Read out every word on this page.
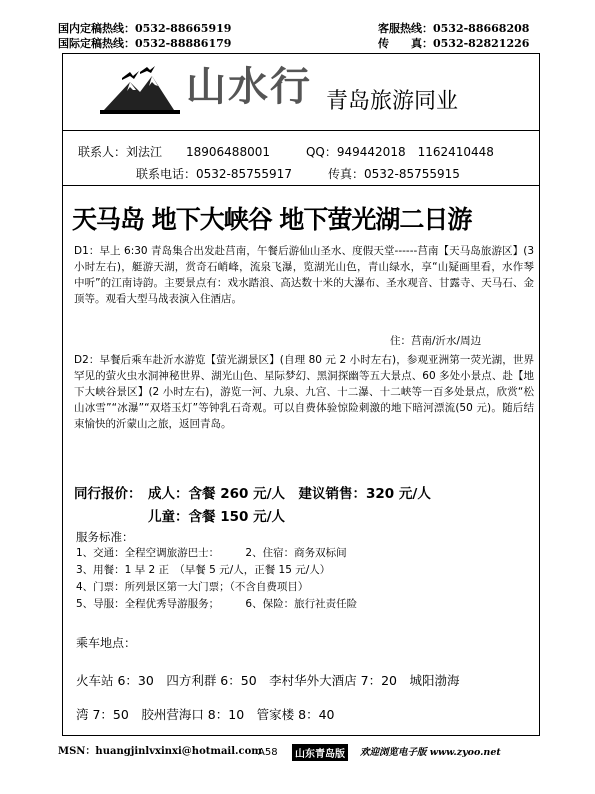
国内定稿热线：0532-88665919
国际定稿热线：0532-88886179
客服热线：0532-88668208
传　　真：0532-82821226
山水行 青岛旅游同业
联系人：刘法江　　18906488001　　　QQ：949442018　1162410448
联系电话：0532-85755917　　　传真：0532-85755915
天马岛 地下大峡谷 地下萤光湖二日游
D1：早上 6:30 青岛集合出发赴莒南，午餐后游仙山圣水、度假天堂------莒南【天马岛旅游区】(3 小时左右)，艇游天湖，赏奇石峭峰，流泉飞瀑，览湖光山色，青山绿水，享“山疑画里看，水作琴中听”的江南诗韵。主要景点有：戏水踏浪、高达数十米的大瀑布、圣水观音、甘露寺、天马石、金顶等。观看大型马战表演入住酒店。
住：莒南/沂水/周边
D2：早餐后乘车赴沂水游览【萤光湖景区】(自理 80 元 2 小时左右)，参观亚洲第一荧光湖，世界罕见的萤火虫水洞神秘世界、湖光山色、星际梦幻、黑洞探幽等五大景点、60 多处小景点、赴【地下大峡谷景区】(2 小时左右)，游览一河、九泉、九宫、十二瀑、十二峡等一百多处景点，欣赏“松山冰雪”“冰瀑”“双塔玉灯”等钟乳石奇观。可以自费体验惊险刺激的地下暗河漂流(50 元)。随后结束愉快的沂蒙山之旅，返回青岛。
同行报价： 成人：含餐 260 元/人　建议销售：320 元/人
儿童：含餐 150 元/人
服务标准：
1、交通：全程空调旅游巴士：　　　2、住宿：商务双标间
3、用餐：1 早 2 正　（早餐 5 元/人，正餐 15 元/人）
4、门票：所列景区第一大门票；（不含自费项目）
5、导服：全程优秀导游服务；　　　6、保险：旅行社责任险
乘车地点：
火车站 6：30　四方利群 6：50　李村华外大酒店 7：20　城阳渤海
湾 7：50　胶州营海口 8：10　管家楼 8：40
MSN：huangjinlvxinxi@hotmail.com
A58	山东青岛版	欢迎浏览电子版 www.zyoo.net
